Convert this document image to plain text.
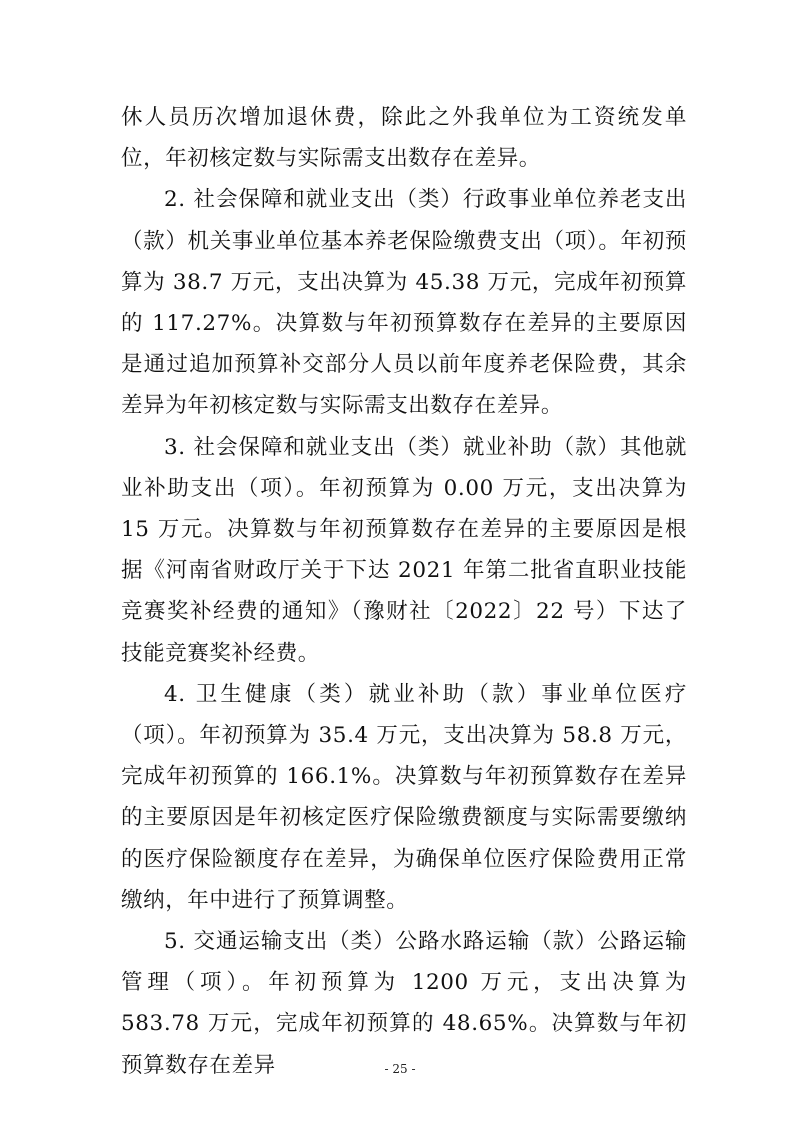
休人员历次增加退休费，除此之外我单位为工资统发单位，年初核定数与实际需支出数存在差异。

2. 社会保障和就业支出（类）行政事业单位养老支出（款）机关事业单位基本养老保险缴费支出（项）。年初预算为 38.7 万元，支出决算为 45.38 万元，完成年初预算的 117.27%。决算数与年初预算数存在差异的主要原因是通过追加预算补交部分人员以前年度养老保险费，其余差异为年初核定数与实际需支出数存在差异。

3. 社会保障和就业支出（类）就业补助（款）其他就业补助支出（项）。年初预算为 0.00 万元，支出决算为 15 万元。决算数与年初预算数存在差异的主要原因是根据《河南省财政厅关于下达 2021 年第二批省直职业技能竞赛奖补经费的通知》（豫财社〔2022〕22 号）下达了技能竞赛奖补经费。

4. 卫生健康（类）就业补助（款）事业单位医疗（项）。年初预算为 35.4 万元，支出决算为 58.8 万元，完成年初预算的 166.1%。决算数与年初预算数存在差异的主要原因是年初核定医疗保险缴费额度与实际需要缴纳的医疗保险额度存在差异，为确保单位医疗保险费用正常缴纳，年中进行了预算调整。

5. 交通运输支出（类）公路水路运输（款）公路运输管理（项）。年初预算为 1200 万元，支出决算为 583.78 万元，完成年初预算的 48.65%。决算数与年初预算数存在差异	- 25 -
